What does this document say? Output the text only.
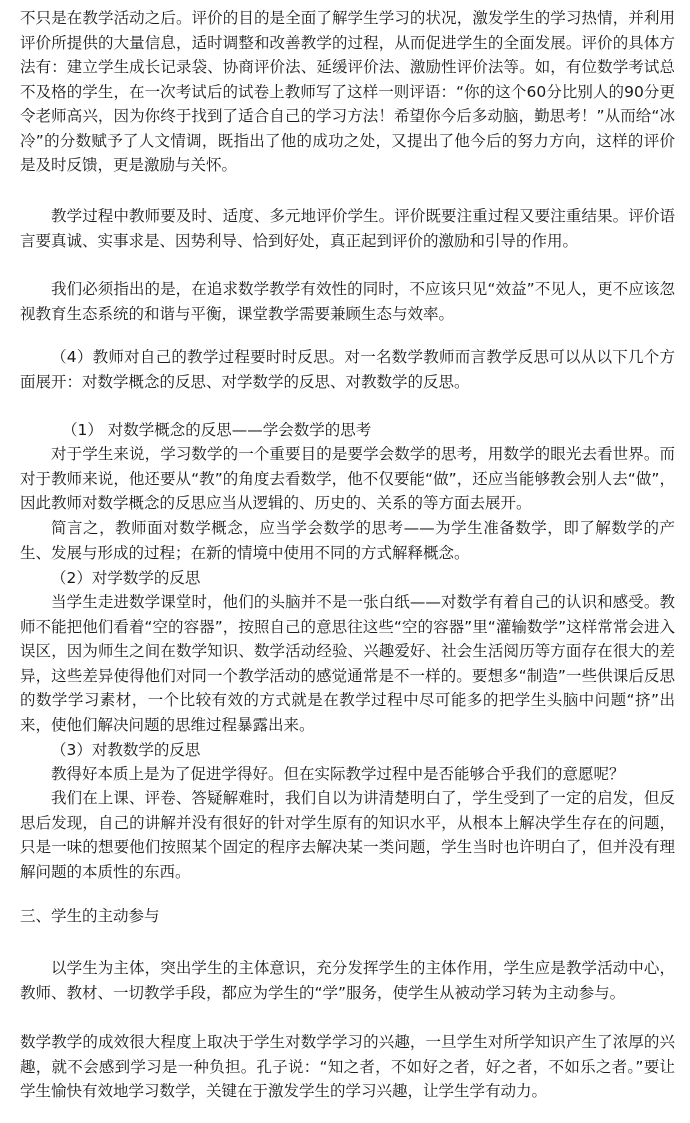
不只是在教学活动之后。评价的目的是全面了解学生学习的状况，激发学生的学习热情，并利用评价所提供的大量信息，适时调整和改善教学的过程，从而促进学生的全面发展。评价的具体方法有：建立学生成长记录袋、协商评价法、延缓评价法、激励性评价法等。如，有位数学考试总不及格的学生，在一次考试后的试卷上教师写了这样一则评语：“你的这个60分比别人的90分更令老师高兴，因为你终于找到了适合自己的学习方法！希望你今后多动脑，勤思考！”从而给“冰冷”的分数赋予了人文情调，既指出了他的成功之处，又提出了他今后的努力方向，这样的评价是及时反馈，更是激励与关怀。

教学过程中教师要及时、适度、多元地评价学生。评价既要注重过程又要注重结果。评价语言要真诚、实事求是、因势利导、恰到好处，真正起到评价的激励和引导的作用。

我们必须指出的是，在追求数学教学有效性的同时，不应该只见“效益”不见人，更不应该忽视教育生态系统的和谐与平衡，课堂教学需要兼顾生态与效率。

（4）教师对自己的教学过程要时时反思。对一名数学教师而言教学反思可以从以下几个方面展开：对数学概念的反思、对学数学的反思、对教数学的反思。

（1） 对数学概念的反思——学会数学的思考

对于学生来说，学习数学的一个重要目的是要学会数学的思考，用数学的眼光去看世界。而对于教师来说，他还要从“教”的角度去看数学，他不仅要能“做”，还应当能够教会别人去“做”，因此教师对数学概念的反思应当从逻辑的、历史的、关系的等方面去展开。

简言之，教师面对数学概念，应当学会数学的思考——为学生准备数学，即了解数学的产生、发展与形成的过程；在新的情境中使用不同的方式解释概念。

（2）对学数学的反思

当学生走进数学课堂时，他们的头脑并不是一张白纸——对数学有着自己的认识和感受。教师不能把他们看着“空的容器”，按照自己的意思往这些“空的容器”里“灌输数学”这样常常会进入误区，因为师生之间在数学知识、数学活动经验、兴趣爱好、社会生活阅历等方面存在很大的差异，这些差异使得他们对同一个教学活动的感觉通常是不一样的。要想多“制造”一些供课后反思的数学学习素材，一个比较有效的方式就是在教学过程中尽可能多的把学生头脑中问题“挤”出来，使他们解决问题的思维过程暴露出来。

（3）对教数学的反思

教得好本质上是为了促进学得好。但在实际教学过程中是否能够合乎我们的意愿呢？

我们在上课、评卷、答疑解难时，我们自以为讲清楚明白了，学生受到了一定的启发，但反思后发现，自己的讲解并没有很好的针对学生原有的知识水平，从根本上解决学生存在的问题，只是一味的想要他们按照某个固定的程序去解决某一类问题，学生当时也许明白了，但并没有理解问题的本质性的东西。

三、学生的主动参与

以学生为主体，突出学生的主体意识，充分发挥学生的主体作用，学生应是教学活动中心，教师、教材、一切教学手段，都应为学生的“学”服务，使学生从被动学习转为主动参与。

数学教学的成效很大程度上取决于学生对数学学习的兴趣，一旦学生对所学知识产生了浓厚的兴趣，就不会感到学习是一种负担。孔子说：“知之者，不如好之者，好之者，不如乐之者。”要让学生愉快有效地学习数学，关键在于激发学生的学习兴趣，让学生学有动力。
